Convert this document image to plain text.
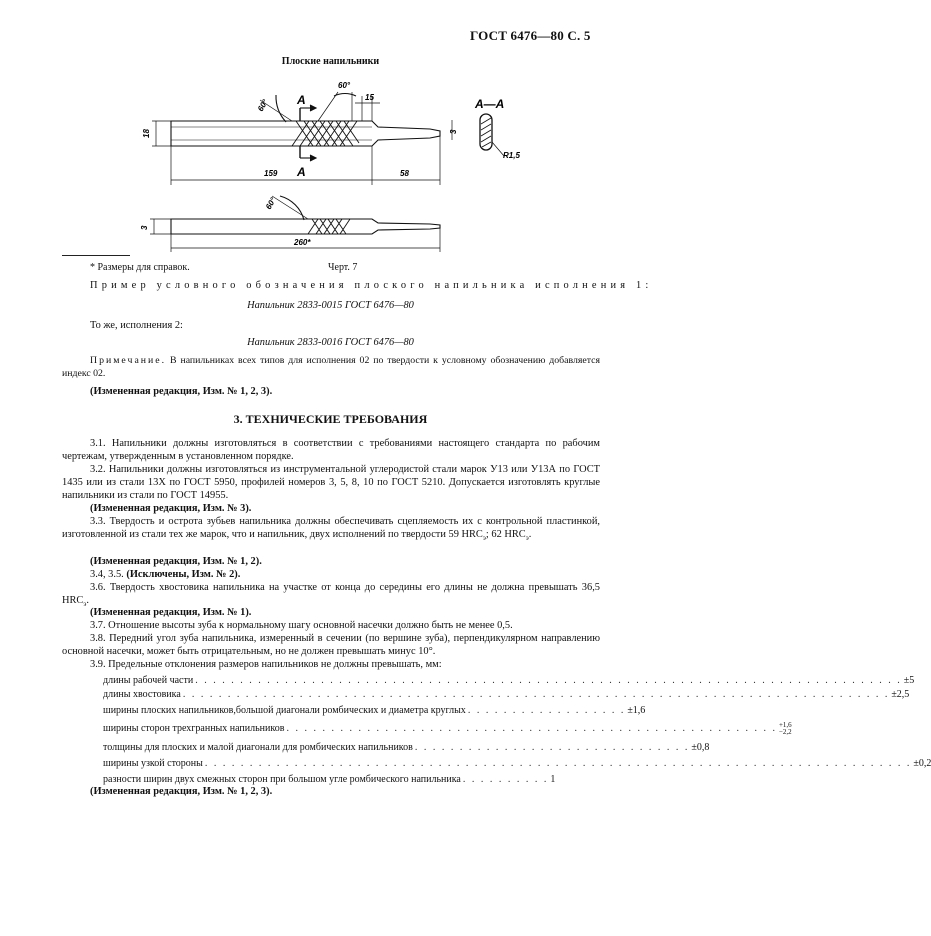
ГОСТ 6476—80 С. 5
Плоские напильники
А
А
А—А
60°
60°
15
18	3
159	58
R1,5
3
260*
60°
* Размеры для справок.	Черт. 7
Пример условного обозначения плоского напильника исполнения 1:
Напильник 2833-0015 ГОСТ 6476—80
То же, исполнения 2:
Напильник 2833-0016 ГОСТ 6476—80
Примечание. В напильниках всех типов для исполнения 02 по твердости к условному обозначению добавляется индекс 02.
(Измененная редакция, Изм. № 1, 2, 3).
3. ТЕХНИЧЕСКИЕ ТРЕБОВАНИЯ
3.1. Напильники должны изготовляться в соответствии с требованиями настоящего стандарта по рабочим чертежам, утвержденным в установленном порядке.
3.2. Напильники должны изготовляться из инструментальной углеродистой стали марок У13 или У13А по ГОСТ 1435 или из стали 13Х по ГОСТ 5950, профилей номеров 3, 5, 8, 10 по ГОСТ 5210. Допускается изготовлять круглые напильники из стали по ГОСТ 14955.
(Измененная редакция, Изм. № 3).
3.3. Твердость и острота зубьев напильника должны обеспечивать сцепляемость их с контрольной пластинкой, изготовленной из стали тех же марок, что и напильник, двух исполнений по твердости 59 $HRC_э$; 62 $HRC_э$.
(Измененная редакция, Изм. № 1, 2).
3.4, 3.5. (Исключены, Изм. № 2).
3.6. Твердость хвостовика напильника на участке от конца до середины его длины не должна превышать 36,5 $HRC_э$.
(Измененная редакция, Изм. № 1).
3.7. Отношение высоты зуба к нормальному шагу основной насечки должно быть не менее 0,5.
3.8. Передний угол зуба напильника, измеренный в сечении (по вершине зуба), перпендикулярном направлению основной насечки, может быть отрицательным, но не должен превышать минус 10°.
3.9. Предельные отклонения размеров напильников не должны превышать, мм:
длины рабочей части . . . . . . . . . . . . . . . . . . . . . . . . . . . . . . . . . . . . . . . . . . . . . . . . . . . . . . . . . . . . . . . . . . . . . . . . . . . . . . . ±5
длины хвостовика . . . . . . . . . . . . . . . . . . . . . . . . . . . . . . . . . . . . . . . . . . . . . . . . . . . . . . . . . . . . . . . . . . . . . . . . . . . . . . . ±2,5
ширины плоских напильников,большой диагонали ромбических и диаметра круглых . . . . . . . . . . . . . . . . . . ±1,6
ширины сторон трехгранных напильников . . . . . . . . . . . . . . . . . . . . . . . . . . . . . . . . . . . . . . . . . . . . . . . . . . . . . . . +1,6
−2,2
толщины для плоских и малой диагонали для ромбических напильников . . . . . . . . . . . . . . . . . . . . . . . . . . . . . . . ±0,8
ширины узкой стороны . . . . . . . . . . . . . . . . . . . . . . . . . . . . . . . . . . . . . . . . . . . . . . . . . . . . . . . . . . . . . . . . . . . . . . . . . . . . . . . ±0,2
разности ширин двух смежных сторон при большом угле ромбического напильника . . . . . . . . . . 1
(Измененная редакция, Изм. № 1, 2, 3).
